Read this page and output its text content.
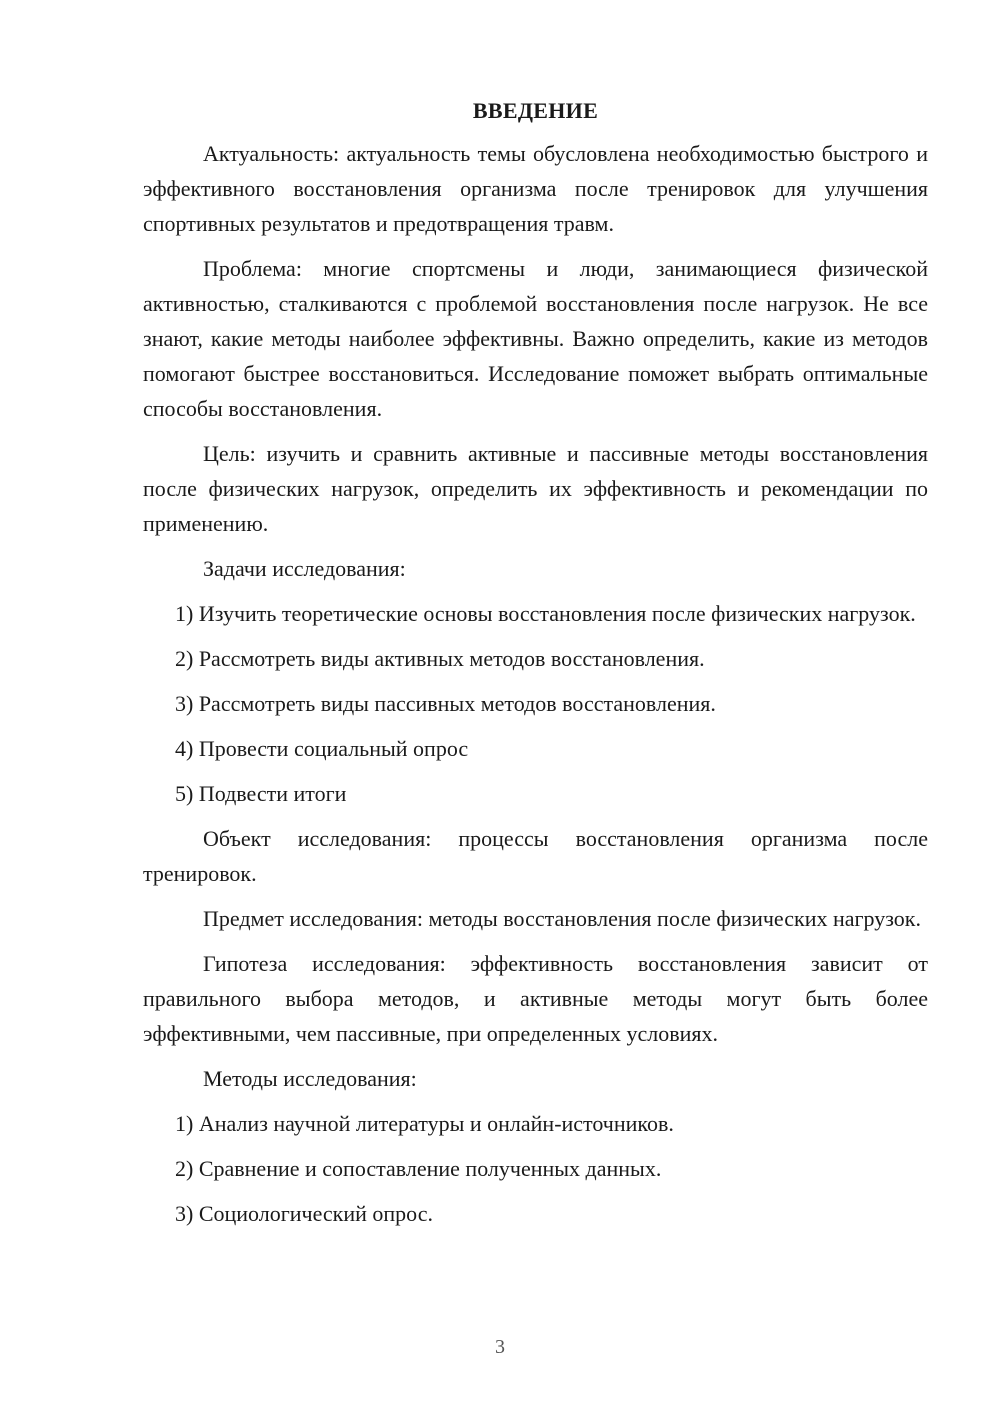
ВВЕДЕНИЕ

Актуальность: актуальность темы обусловлена необходимостью быстрого и эффективного восстановления организма после тренировок для улучшения спортивных результатов и предотвращения травм.

Проблема: многие спортсмены и люди, занимающиеся физической активностью, сталкиваются с проблемой восстановления после нагрузок. Не все знают, какие методы наиболее эффективны. Важно определить, какие из методов помогают быстрее восстановиться. Исследование поможет выбрать оптимальные способы восстановления.

Цель: изучить и сравнить активные и пассивные методы восстановления после физических нагрузок, определить их эффективность и рекомендации по применению.

Задачи исследования:

1) Изучить теоретические основы восстановления после физических нагрузок.

2) Рассмотреть виды активных методов восстановления.

3) Рассмотреть виды пассивных методов восстановления.

4) Провести социальный опрос

5) Подвести итоги

Объект исследования: процессы восстановления организма после тренировок.

Предмет исследования: методы восстановления после физических нагрузок.

Гипотеза исследования: эффективность восстановления зависит от правильного выбора методов, и активные методы могут быть более эффективными, чем пассивные, при определенных условиях.

Методы исследования:

1) Анализ научной литературы и онлайн-источников.

2) Сравнение и сопоставление полученных данных.

3) Социологический опрос.

3
